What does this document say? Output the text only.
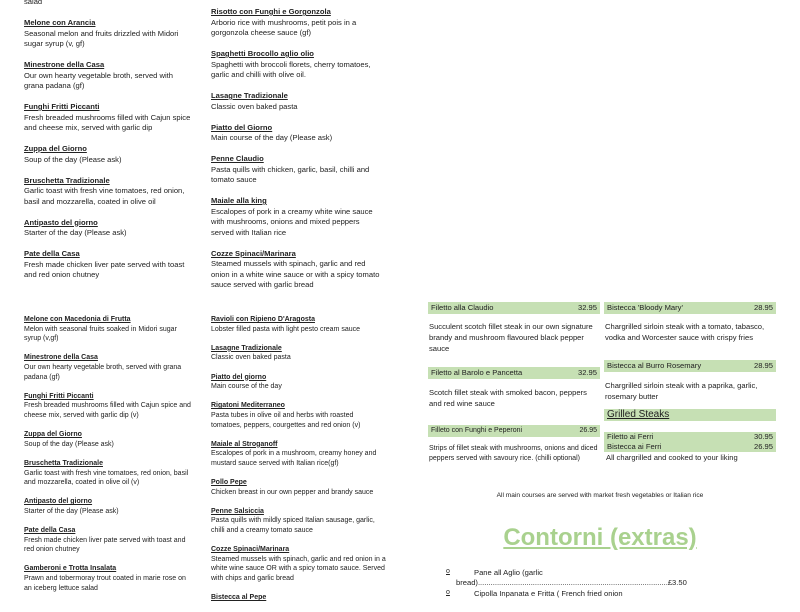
salad
Melone con Arancia
Seasonal melon and fruits drizzled with Midori sugar syrup (v, gf)
Minestrone della Casa
Our own hearty vegetable broth, served with grana padana (gf)
Funghi Fritti Piccanti
Fresh breaded mushrooms filled with Cajun spice and cheese mix, served with garlic dip
Zuppa del Giorno
Soup of the day (Please ask)
Bruschetta Tradizionale
Garlic toast with fresh vine tomatoes, red onion, basil and mozzarella, coated in olive oil
Antipasto del giorno
Starter of the day (Please ask)
Pate della Casa
Fresh made chicken liver pate served with toast and red onion chutney
Risotto con Funghi e Gorgonzola
Arborio rice with mushrooms, petit pois in a gorgonzola cheese sauce (gf)
Spaghetti Brocollo aglio olio
Spaghetti with broccoli florets, cherry tomatoes, garlic and chilli with olive oil.
Lasagne Tradizionale
Classic oven baked pasta
Piatto del Giorno
Main course of the day (Please ask)
Penne Claudio
Pasta quills with chicken, garlic, basil, chilli and tomato sauce
Maiale alla king
Escalopes of pork in a creamy white wine sauce with mushrooms, onions and mixed peppers served with Italian rice
Cozze Spinaci/Marinara
Steamed mussels with spinach, garlic and red onion in a white wine sauce or with a spicy tomato sauce served with garlic bread
Melone con Macedonia di Frutta
Melon with seasonal fruits soaked in Midori sugar syrup (v,gf)
Minestrone della Casa
Our own hearty vegetable broth, served with grana padana (gf)
Funghi Fritti Piccanti
Fresh breaded mushrooms filled with Cajun spice and cheese mix, served with garlic dip (v)
Zuppa del Giorno
Soup of the day (Please ask)
Bruschetta Tradizionale
Garlic toast with fresh vine tomatoes, red onion, basil and mozzarella, coated in olive oil (v)
Antipasto del giorno
Starter of the day (Please ask)
Pate della Casa
Fresh made chicken liver pate served with toast and red onion chutney
Gamberoni e Trotta Insalata
Prawn and tobermoray trout coated in marie rose on an iceberg lettuce salad
Ravioli con Ripieno D'Aragosta
Lobster filled pasta with light pesto cream sauce
Lasagne Tradizionale
Classic oven baked pasta
Piatto del giorno
Main course of the day
Rigatoni Mediterraneo
Pasta tubes in olive oil and herbs with roasted tomatoes, peppers, courgettes and red onion (v)
Maiale al Stroganoff
Escalopes of pork in a mushroom, creamy honey and mustard sauce served with Italian rice(gf)
Pollo Pepe
Chicken breast in our own pepper and brandy sauce
Penne Salsiccia
Pasta quills with mildly spiced Italian sausage, garlic, chilli and a creamy tomato sauce
Cozze Spinaci/Marinara
Steamed mussels with spinach, garlic and red onion in a white wine sauce OR with a spicy tomato sauce. Served with chips and garlic bread
Bistecca al Pepe
Filetto alla Claudio	32.95
Succulent scotch fillet steak in our own signature brandy and mushroom flavoured black pepper sauce
Filetto al Barolo e Pancetta	32.95
Scotch fillet steak with smoked bacon, peppers and red wine sauce
Filleto con Funghi e Peperoni	26.95
Strips of fillet steak with mushrooms, onions and diced peppers served with savoury rice. (chilli optional)
Bistecca 'Bloody Mary'	28.95
Chargrilled sirloin steak with a tomato, tabasco, vodka and Worcester sauce with crispy fries
Bistecca al Burro Rosemary	28.95
Chargrilled sirloin steak with a paprika, garlic, rosemary butter
Grilled Steaks
Filetto ai Ferri	30.95
Bistecca ai Ferri	26.95
All chargrilled and cooked to your liking
All main courses are served with market fresh vegetables or Italian rice
Contorni (extras)
o	Pane all Aglio (garlic
bread)..........................................................................................£3.50
o	Cipolla Inpanata e Fritta ( French fried onion
